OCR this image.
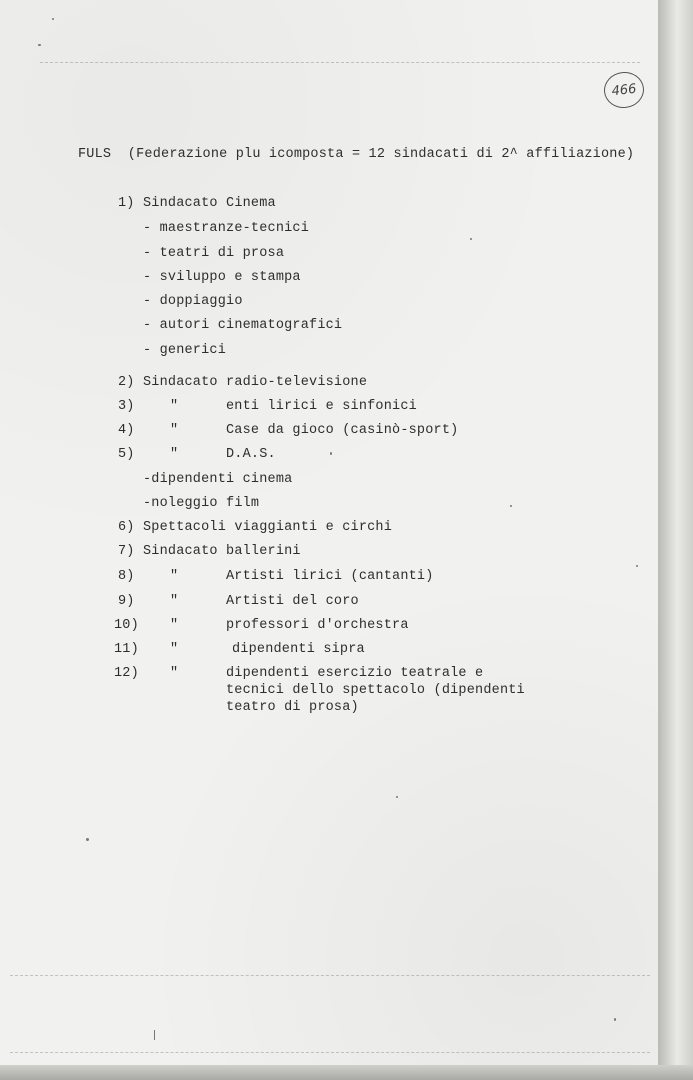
466
FULS  (Federazione plu icomposta = 12 sindacati di 2^ affiliazione)
1) Sindacato Cinema
- maestranze-tecnici
- teatri di prosa
- sviluppo e stampa
- doppiaggio
- autori cinematografici
- generici
2) Sindacato radio-televisione
3)	"	enti lirici e sinfonici
4)	"	Case da gioco (casinò-sport)
5)	"	D.A.S.
-dipendenti cinema
-noleggio film
6) Spettacoli viaggianti e circhi
7) Sindacato ballerini
8)	"	Artisti lirici (cantanti)
9)	"	Artisti del coro
10) "	professori d'orchestra
11) "	dipendenti sipra
12) "	dipendenti esercizio teatrale e
tecnici dello spettacolo (dipendenti
teatro di prosa)
